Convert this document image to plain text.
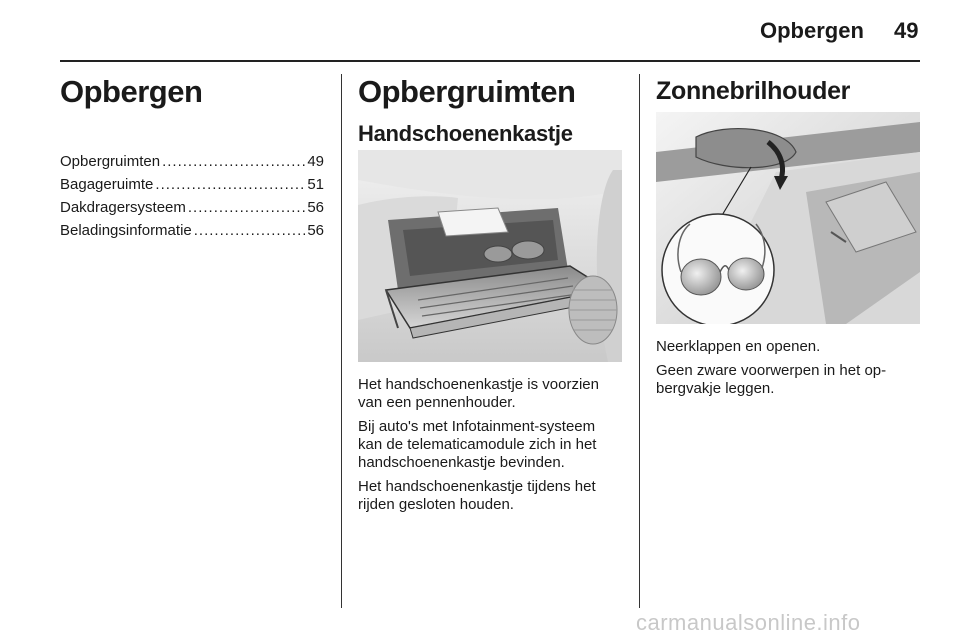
Opbergen 49
Opbergen
Opbergruimten .....	49
Bagageruimte .....	51
Dakdragersysteem .....	56
Beladingsinformatie .....	56
Opbergruimten
Handschoenenkastje

Het handschoenenkastje is voorzien van een pennenhouder.

Bij auto's met Infotainment-systeem kan de telematicamodule zich in het handschoenenkastje bevinden.

Het handschoenenkastje tijdens het rijden gesloten houden.

Zonnebrilhouder

Neerklappen en openen.

Geen zware voorwerpen in het op-bergvakje leggen.

carmanualsonline.info
